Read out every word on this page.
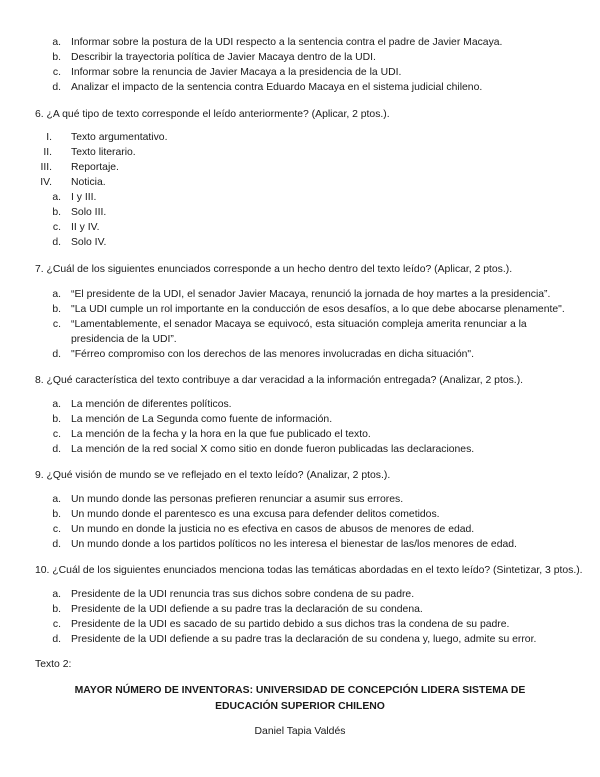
a. Informar sobre la postura de la UDI respecto a la sentencia contra el padre de Javier Macaya.
b. Describir la trayectoria política de Javier Macaya dentro de la UDI.
c. Informar sobre la renuncia de Javier Macaya a la presidencia de la UDI.
d. Analizar el impacto de la sentencia contra Eduardo Macaya en el sistema judicial chileno.
6. ¿A qué tipo de texto corresponde el leído anteriormente? (Aplicar, 2 ptos.).
I. Texto argumentativo.
II. Texto literario.
III. Reportaje.
IV. Noticia.
a. I y III.
b. Solo III.
c. II y IV.
d. Solo IV.
7. ¿Cuál de los siguientes enunciados corresponde a un hecho dentro del texto leído? (Aplicar, 2 ptos.).
a. “El presidente de la UDI, el senador Javier Macaya, renunció la jornada de hoy martes a la presidencia”.
b. "La UDI cumple un rol importante en la conducción de esos desafíos, a lo que debe abocarse plenamente".
c. “Lamentablemente, el senador Macaya se equivocó, esta situación compleja amerita renunciar a la presidencia de la UDI”.
d. "Férreo compromiso con los derechos de las menores involucradas en dicha situación".
8. ¿Qué característica del texto contribuye a dar veracidad a la información entregada? (Analizar, 2 ptos.).
a. La mención de diferentes políticos.
b. La mención de La Segunda como fuente de información.
c. La mención de la fecha y la hora en la que fue publicado el texto.
d. La mención de la red social X como sitio en donde fueron publicadas las declaraciones.
9. ¿Qué visión de mundo se ve reflejado en el texto leído? (Analizar, 2 ptos.).
a. Un mundo donde las personas prefieren renunciar a asumir sus errores.
b. Un mundo donde el parentesco es una excusa para defender delitos cometidos.
c. Un mundo en donde la justicia no es efectiva en casos de abusos de menores de edad.
d. Un mundo donde a los partidos políticos no les interesa el bienestar de las/los menores de edad.
10. ¿Cuál de los siguientes enunciados menciona todas las temáticas abordadas en el texto leído? (Sintetizar, 3 ptos.).
a. Presidente de la UDI renuncia tras sus dichos sobre condena de su padre.
b. Presidente de la UDI defiende a su padre tras la declaración de su condena.
c. Presidente de la UDI es sacado de su partido debido a sus dichos tras la condena de su padre.
d. Presidente de la UDI defiende a su padre tras la declaración de su condena y, luego, admite su error.
Texto 2:
MAYOR NÚMERO DE INVENTORAS: UNIVERSIDAD DE CONCEPCIÓN LIDERA SISTEMA DE EDUCACIÓN SUPERIOR CHILENO
Daniel Tapia Valdés
